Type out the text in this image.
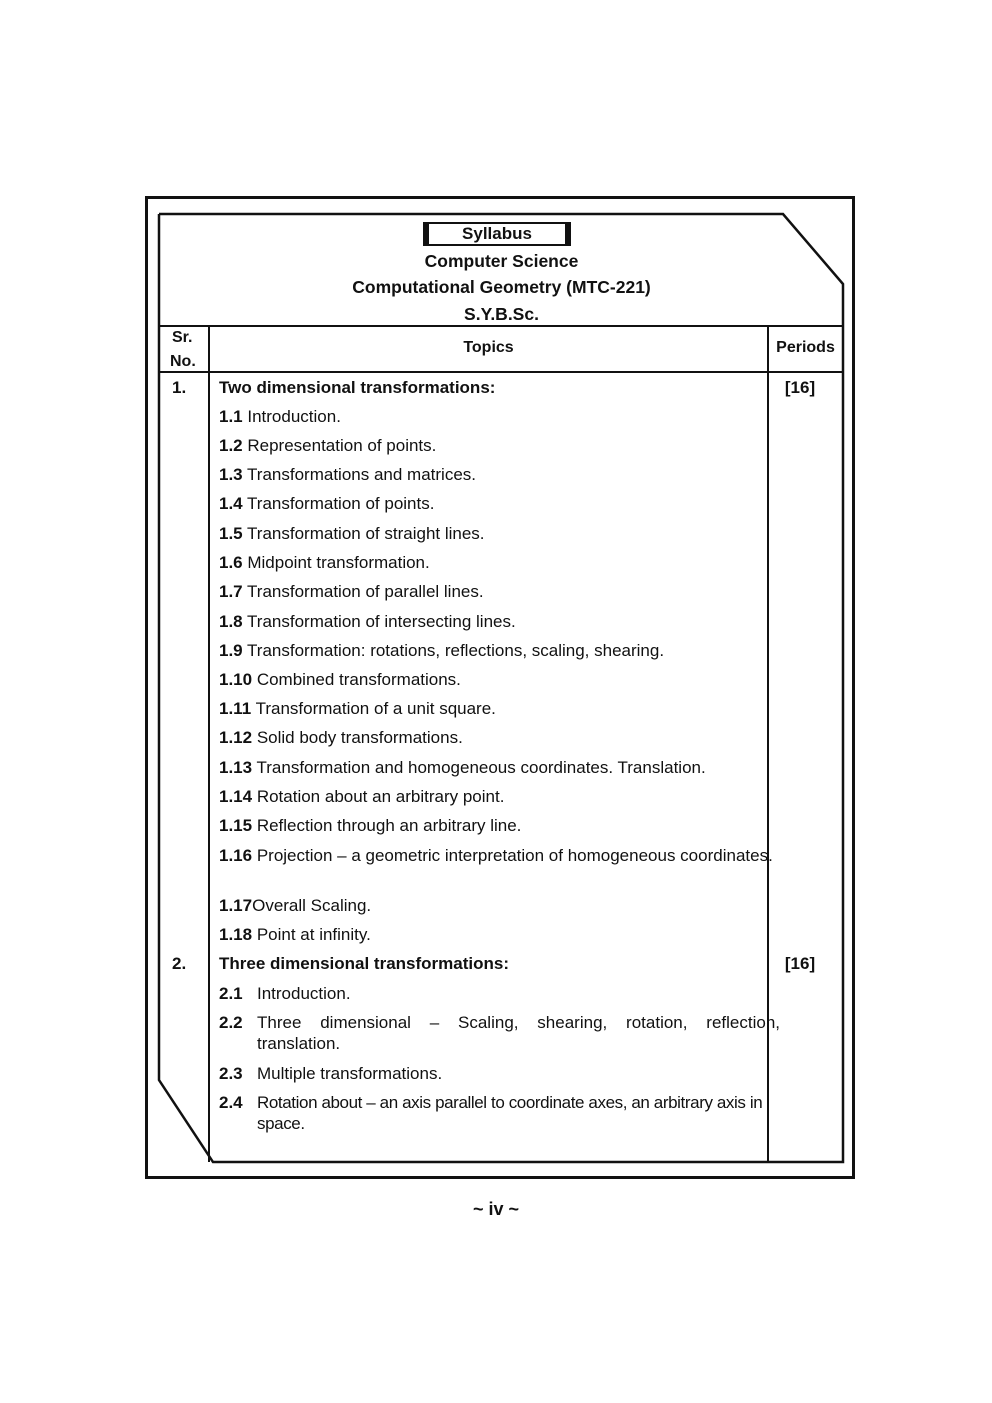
Syllabus
Computer Science
Computational Geometry (MTC-221)
S.Y.B.Sc.
Sr.
No.
Topics	Periods
1. Two dimensional transformations:	[16]
1.1 Introduction.
1.2 Representation of points.
1.3 Transformations and matrices.
1.4 Transformation of points.
1.5 Transformation of straight lines.
1.6 Midpoint transformation.
1.7 Transformation of parallel lines.
1.8 Transformation of intersecting lines.
1.9 Transformation: rotations, reflections, scaling, shearing.
1.10 Combined transformations.
1.11 Transformation of a unit square.
1.12 Solid body transformations.
1.13 Transformation and homogeneous coordinates. Translation.
1.14 Rotation about an arbitrary point.
1.15 Reflection through an arbitrary line.
1.16 Projection – a geometric interpretation of homogeneous coordinates.
1.17Overall Scaling.
1.18 Point at infinity.
2. Three dimensional transformations:	[16]
2.1 Introduction.
2.2 Three dimensional – Scaling, shearing, rotation, reflection, translation.
2.3 Multiple transformations.
2.4 Rotation about – an axis parallel to coordinate axes, an arbitrary axis in space.
~ iv ~
